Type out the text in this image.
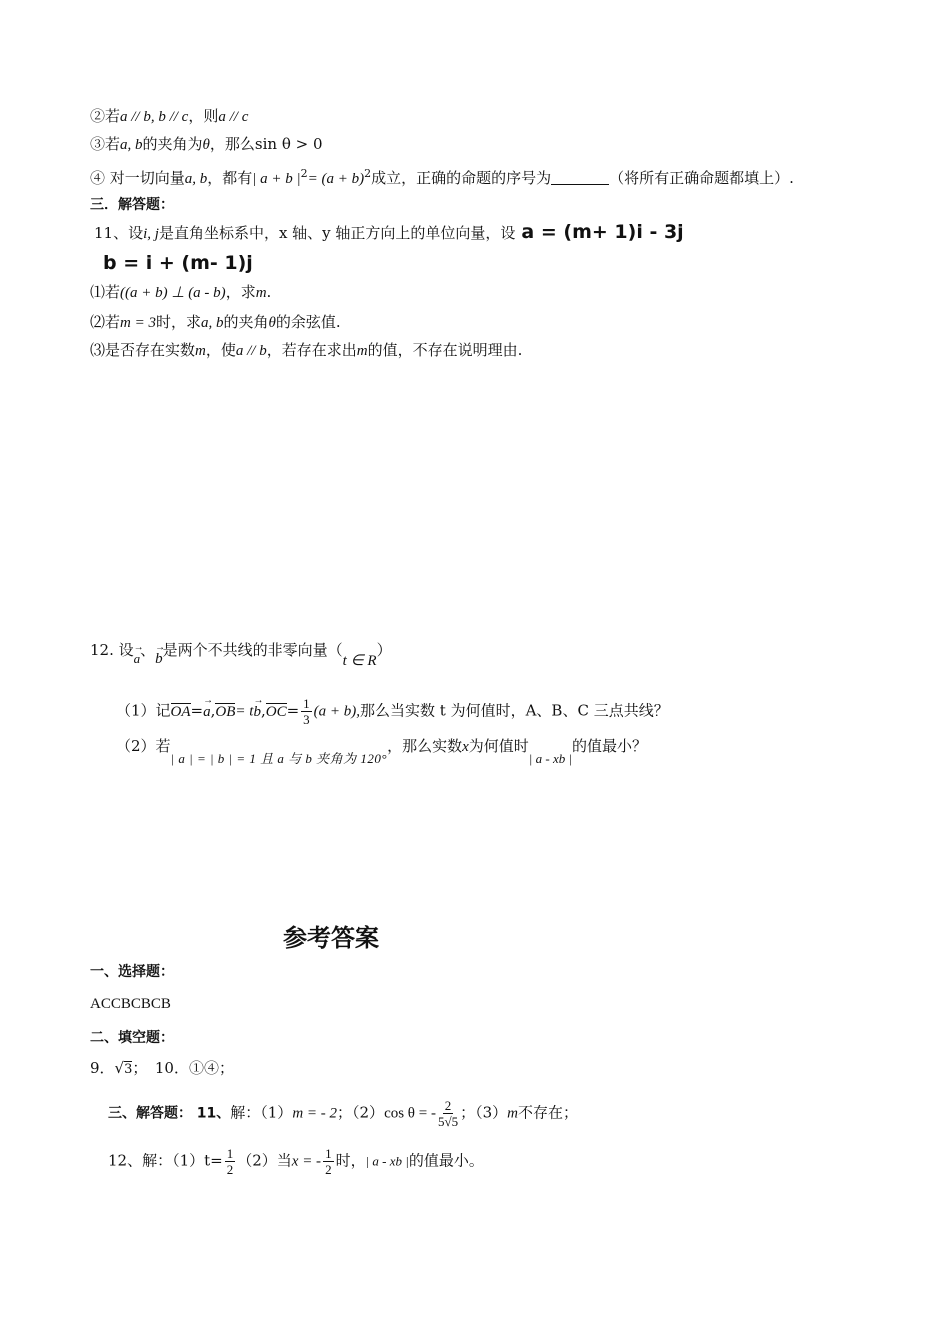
②若a // b, b // c，则a // c
③若a, b的夹角为θ，那么sin θ > 0
④ 对一切向量a, b，都有| a + b $|^2= (a + b)^2$成立，正确的命题的序号为	（将所有正确命题都填上）.
三．解答题：
11、设i, j是直角坐标系中，x 轴、y 轴正方向上的单位向量，设 a = (m+ 1)i - 3j
b = i + (m- 1)j
⑴若((a + b) ⊥ (a - b)，求m.
⑵若m = 3时，求a, b的夹角θ的余弦值.
⑶是否存在实数m，使a // b，若存在求出m的值，不存在说明理由.
12. 设→ a、→ b是两个不共线的非零向量（t ∈ R）
（1）记$OA=\to a,OB= t\to b,OC= \frac{1}{3} (a + b)$,那么当实数 t 为何值时，A、B、C 三点共线？
（2）若| a | = | b | = 1 且 a 与 b 夹角为 120°，那么实数x为何值时| a - xb |的值最小？
参考答案
一、选择题：
ACCBCBCB
二、填空题：
9．√3；　10．①④；
三、解答题： 11、解：（1）m = - 2；（2）cos θ = - $\frac{2}{5√5}$ ；（3）m不存在；
12、解：$(1)t= \frac{1}{2} (2)$当x = - $\frac{1}{2}$ 时，| a - xb |的值最小。
